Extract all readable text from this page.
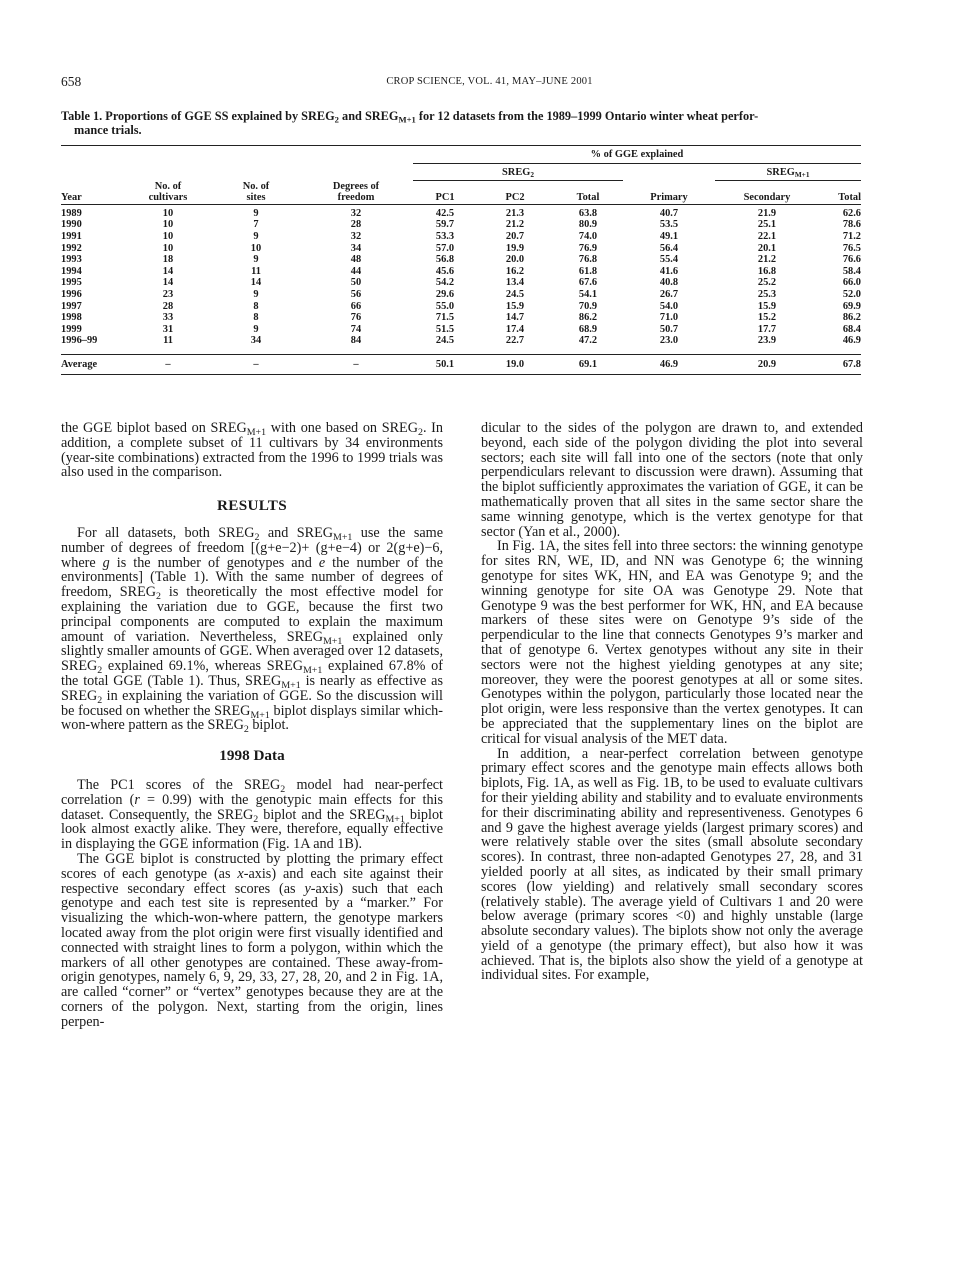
658	CROP SCIENCE, VOL. 41, MAY–JUNE 2001
Table 1. Proportions of GGE SS explained by $SREG_2$ and $SREG_{M+1}$ for 12 datasets from the 1989–1999 Ontario winter wheat perfor-
mance trials.
				% of GGE explained					
				$SREG_2$				$SREG_{M+1}$
	No. of	No. of	Degrees of						
Year	cultivars	sites	freedom	PC1	PC2	Total	Primary	Secondary	Total

1989	10	9	32	42.5	21.3	63.8	40.7	21.9	62.6
1990	10	7	28	59.7	21.2	80.9	53.5	25.1	78.6
1991	10	9	32	53.3	20.7	74.0	49.1	22.1	71.2
1992	10	10	34	57.0	19.9	76.9	56.4	20.1	76.5
1993	18	9	48	56.8	20.0	76.8	55.4	21.2	76.6
1994	14	11	44	45.6	16.2	61.8	41.6	16.8	58.4
1995	14	14	50	54.2	13.4	67.6	40.8	25.2	66.0
1996	23	9	56	29.6	24.5	54.1	26.7	25.3	52.0
1997	28	8	66	55.0	15.9	70.9	54.0	15.9	69.9
1998	33	8	76	71.5	14.7	86.2	71.0	15.2	86.2
1999	31	9	74	51.5	17.4	68.9	50.7	17.7	68.4
1996–99	11	34	84	24.5	22.7	47.2	23.0	23.9	46.9

Average	–	–	–	50.1	19.0	69.1	46.9	20.9	67.8

the GGE biplot based on $SREG_{M+1}$ with one based on $SREG_2$. In addition, a complete subset of 11 cultivars by 34 environments (year-site combinations) extracted from the 1996 to 1999 trials was also used in the comparison.

RESULTS

For all datasets, both $SREG_2$ and $SREG_{M+1}$ use the same number of degrees of freedom [(g+e−2)+ (g+e−4) or 2(g+e)−6, where g is the number of genotypes and e the number of the environments] (Table 1). With the same number of degrees of freedom, $SREG_2$ is theoretically the most effective model for explaining the variation due to GGE, because the first two principal components are computed to explain the maximum amount of variation. Nevertheless, $SREG_{M+1}$ explained only slightly smaller amounts of GGE. When averaged over 12 datasets, $SREG_2$ explained 69.1%, whereas $SREG_{M+1}$ explained 67.8% of the total GGE (Table 1). Thus, $SREG_{M+1}$ is nearly as effective as $SREG_2$ in explaining the variation of GGE. So the discussion will be focused on whether the $SREG_{M+1}$ biplot displays similar which-won-where pattern as the $SREG_2$ biplot.

1998 Data

The PC1 scores of the $SREG_2$ model had near-perfect correlation (r = 0.99) with the genotypic main effects for this dataset. Consequently, the $SREG_2$ biplot and the $SREG_{M+1}$ biplot look almost exactly alike. They were, therefore, equally effective in displaying the GGE information (Fig. 1A and 1B).

The GGE biplot is constructed by plotting the primary effect scores of each genotype (as x-axis) and each site against their respective secondary effect scores (as y-axis) such that each genotype and each test site is represented by a “marker.” For visualizing the which-won-where pattern, the genotype markers located away from the plot origin were first visually identified and connected with straight lines to form a polygon, within which the markers of all other genotypes are contained. These away-from-origin genotypes, namely 6, 9, 29, 33, 27, 28, 20, and 2 in Fig. 1A, are called “corner” or “vertex” genotypes because they are at the corners of the polygon. Next, starting from the origin, lines perpen-

dicular to the sides of the polygon are drawn to, and extended beyond, each side of the polygon dividing the plot into several sectors; each site will fall into one of the sectors (note that only perpendiculars relevant to discussion were drawn). Assuming that the biplot sufficiently approximates the variation of GGE, it can be mathematically proven that all sites in the same sector share the same winning genotype, which is the vertex genotype for that sector (Yan et al., 2000).

In Fig. 1A, the sites fell into three sectors: the winning genotype for sites RN, WE, ID, and NN was Genotype 6; the winning genotype for sites WK, HN, and EA was Genotype 9; and the winning genotype for site OA was Genotype 29. Note that Genotype 9 was the best performer for WK, HN, and EA because markers of these sites were on Genotype 9’s side of the perpendicular to the line that connects Genotypes 9’s marker and that of genotype 6. Vertex genotypes without any site in their sectors were not the highest yielding genotypes at any site; moreover, they were the poorest genotypes at all or some sites. Genotypes within the polygon, particularly those located near the plot origin, were less responsive than the vertex genotypes. It can be appreciated that the supplementary lines on the biplot are critical for visual analysis of the MET data.

In addition, a near-perfect correlation between genotype primary effect scores and the genotype main effects allows both biplots, Fig. 1A, as well as Fig. 1B, to be used to evaluate cultivars for their yielding ability and stability and to evaluate environments for their discriminating ability and representiveness. Genotypes 6 and 9 gave the highest average yields (largest primary scores) and were relatively stable over the sites (small absolute secondary scores). In contrast, three non-adapted Genotypes 27, 28, and 31 yielded poorly at all sites, as indicated by their small primary scores (low yielding) and relatively small secondary scores (relatively stable). The average yield of Cultivars 1 and 20 were below average (primary scores <0) and highly unstable (large absolute secondary values). The biplots show not only the average yield of a genotype (the primary effect), but also how it was achieved. That is, the biplots also show the yield of a genotype at individual sites. For example,
